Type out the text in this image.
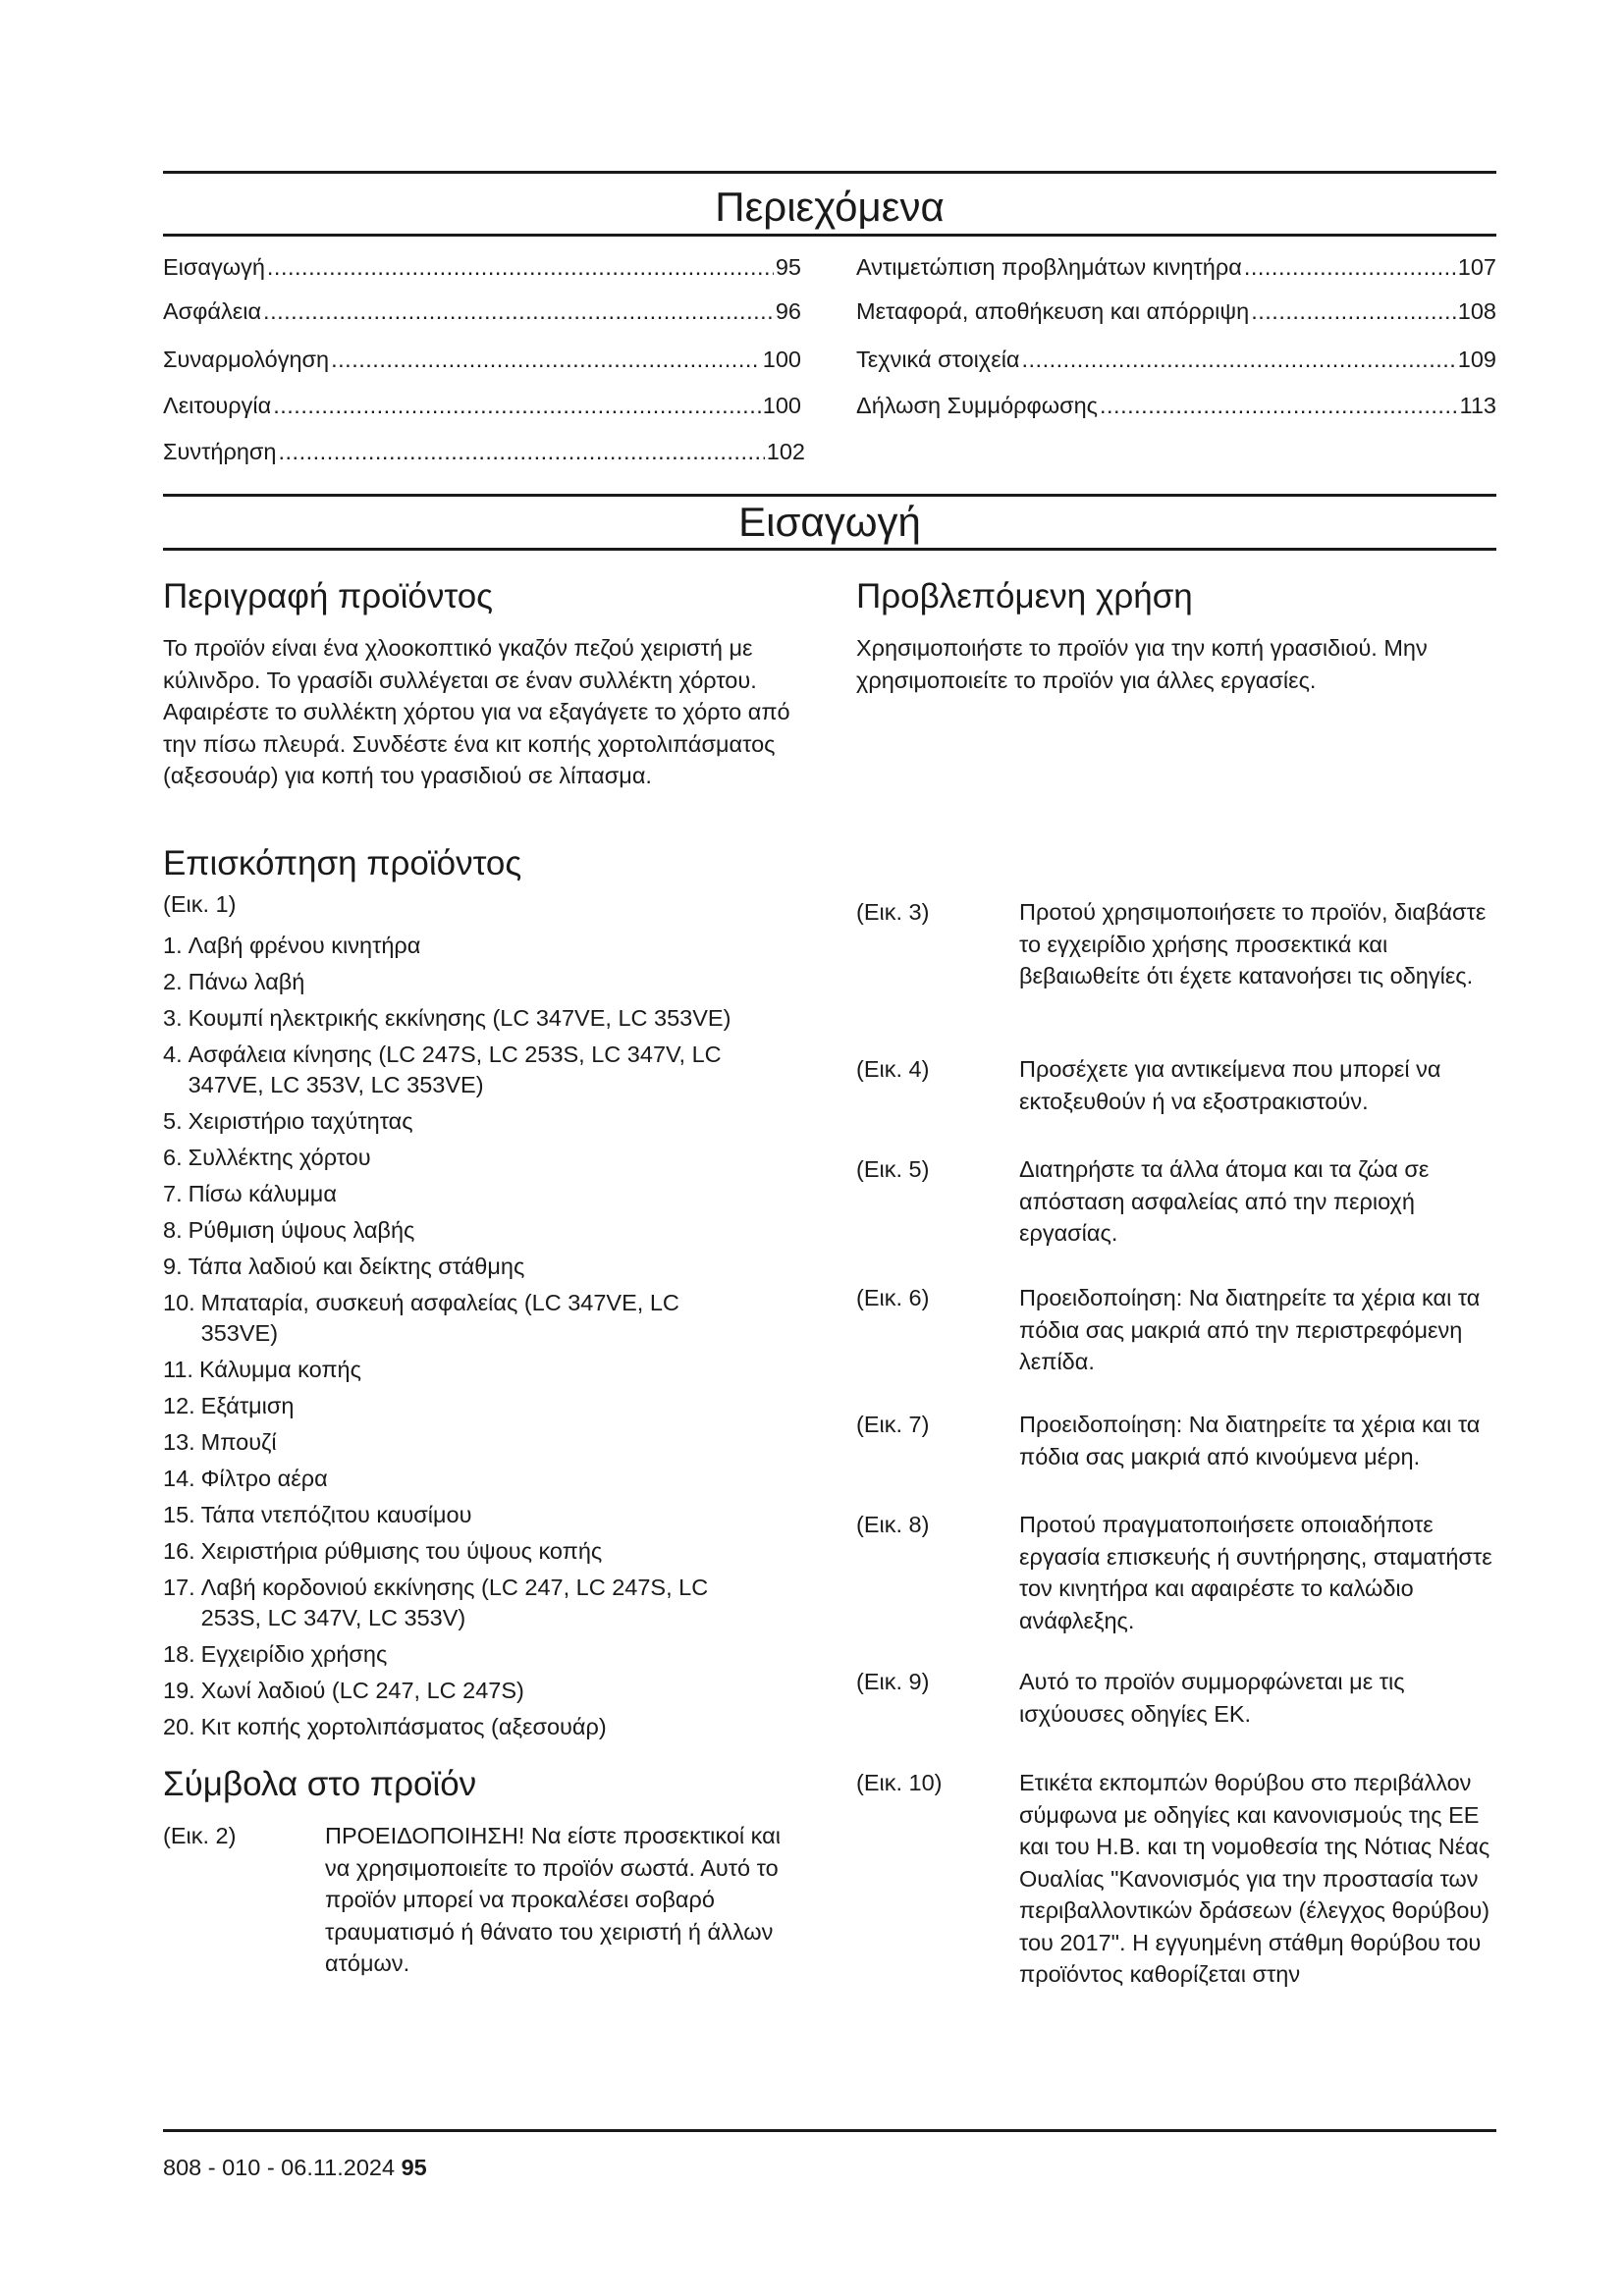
Περιεχόμενα
Εισαγωγή .....	95
Ασφάλεια .....	96
Συναρμολόγηση .....	100
Λειτουργία .....	100
Συντήρηση .....	102
Αντιμετώπιση προβλημάτων κινητήρα .....	107
Μεταφορά, αποθήκευση και απόρριψη .....	108
Τεχνικά στοιχεία .....	109
Δήλωση Συμμόρφωσης .....	113
Εισαγωγή
Περιγραφή προϊόντος

Το προϊόν είναι ένα χλοοκοπτικό γκαζόν πεζού χειριστή με κύλινδρο. Το γρασίδι συλλέγεται σε έναν συλλέκτη χόρτου. Αφαιρέστε το συλλέκτη χόρτου για να εξαγάγετε το χόρτο από την πίσω πλευρά. Συνδέστε ένα κιτ κοπής χορτολιπάσματος (αξεσουάρ) για κοπή του γρασιδιού σε λίπασμα.

Προβλεπόμενη χρήση

Χρησιμοποιήστε το προϊόν για την κοπή γρασιδιού. Μην χρησιμοποιείτε το προϊόν για άλλες εργασίες.

Επισκόπηση προϊόντος
(Εικ. 1)
1. Λαβή φρένου κινητήρα
2. Πάνω λαβή
3. Κουμπί ηλεκτρικής εκκίνησης (LC 347VE, LC 353VE)
4. Ασφάλεια κίνησης (LC 247S, LC 253S, LC 347V, LC 347VE, LC 353V, LC 353VE)
5. Χειριστήριο ταχύτητας
6. Συλλέκτης χόρτου
7. Πίσω κάλυμμα
8. Ρύθμιση ύψους λαβής
9. Τάπα λαδιού και δείκτης στάθμης
10. Μπαταρία, συσκευή ασφαλείας (LC 347VE, LC 353VE)
11. Κάλυμμα κοπής
12. Εξάτμιση
13. Μπουζί
14. Φίλτρο αέρα
15. Τάπα ντεπόζιτου καυσίμου
16. Χειριστήρια ρύθμισης του ύψους κοπής
17. Λαβή κορδονιού εκκίνησης (LC 247, LC 247S, LC 253S, LC 347V, LC 353V)
18. Εγχειρίδιο χρήσης
19. Χωνί λαδιού (LC 247, LC 247S)
20. Κιτ κοπής χορτολιπάσματος (αξεσουάρ)
Σύμβολα στο προϊόν
(Εικ. 2)	ΠΡΟΕΙΔΟΠΟΙΗΣΗ! Να είστε προσεκτικοί και να χρησιμοποιείτε το προϊόν σωστά. Αυτό το προϊόν μπορεί να προκαλέσει σοβαρό τραυματισμό ή θάνατο του χειριστή ή άλλων ατόμων.
(Εικ. 3)	Προτού χρησιμοποιήσετε το προϊόν, διαβάστε το εγχειρίδιο χρήσης προσεκτικά και βεβαιωθείτε ότι έχετε κατανοήσει τις οδηγίες.
(Εικ. 4)	Προσέχετε για αντικείμενα που μπορεί να εκτοξευθούν ή να εξοστρακιστούν.
(Εικ. 5)	Διατηρήστε τα άλλα άτομα και τα ζώα σε απόσταση ασφαλείας από την περιοχή εργασίας.
(Εικ. 6)	Προειδοποίηση: Να διατηρείτε τα χέρια και τα πόδια σας μακριά από την περιστρεφόμενη λεπίδα.
(Εικ. 7)	Προειδοποίηση: Να διατηρείτε τα χέρια και τα πόδια σας μακριά από κινούμενα μέρη.
(Εικ. 8)	Προτού πραγματοποιήσετε οποιαδήποτε εργασία επισκευής ή συντήρησης, σταματήστε τον κινητήρα και αφαιρέστε το καλώδιο ανάφλεξης.
(Εικ. 9)	Αυτό το προϊόν συμμορφώνεται με τις ισχύουσες οδηγίες ΕΚ.
(Εικ. 10)	Ετικέτα εκπομπών θορύβου στο περιβάλλον σύμφωνα με οδηγίες και κανονισμούς της ΕΕ και του Η.Β. και τη νομοθεσία της Νότιας Νέας Ουαλίας "Κανονισμός για την προστασία των περιβαλλοντικών δράσεων (έλεγχος θορύβου) του 2017". Η εγγυημένη στάθμη θορύβου του προϊόντος καθορίζεται στην
808 - 010 - 06.11.2024 95
